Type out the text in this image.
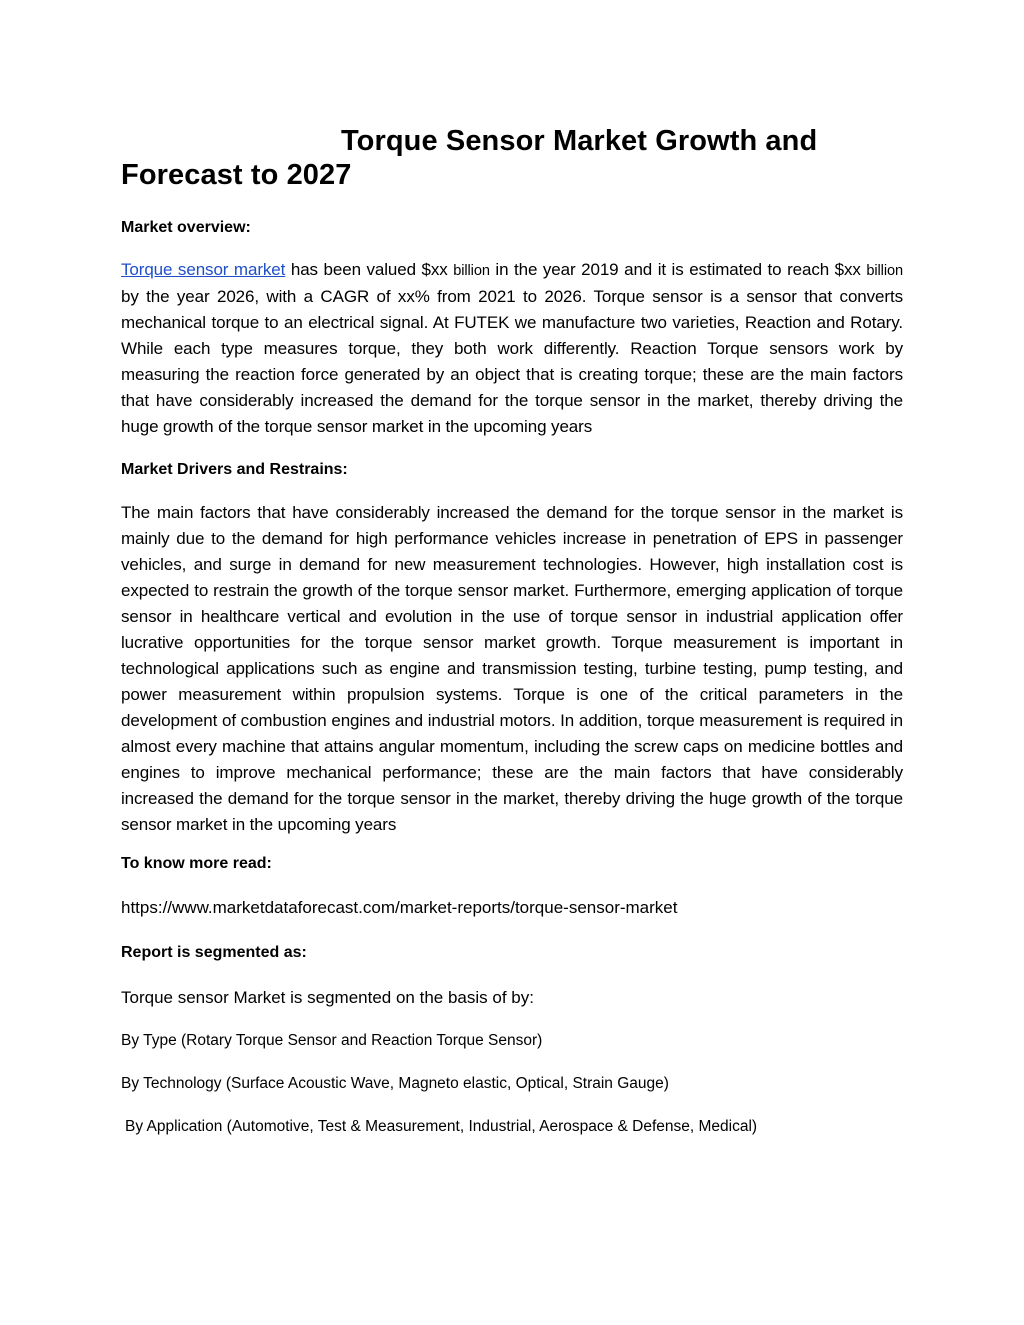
Torque Sensor Market Growth and
Forecast to 2027
Market overview:

Torque sensor market has been valued $xx billion in the year 2019 and it is estimated to reach $xx billion by the year 2026, with a CAGR of xx% from 2021 to 2026. Torque sensor is a sensor that converts mechanical torque to an electrical signal. At FUTEK we manufacture two varieties, Reaction and Rotary. While each type measures torque, they both work differently. Reaction Torque sensors work by measuring the reaction force generated by an object that is creating torque; these are the main factors that have considerably increased the demand for the torque sensor in the market, thereby driving the huge growth of the torque sensor market in the upcoming years

Market Drivers and Restrains:

The main factors that have considerably increased the demand for the torque sensor in the market is mainly due to the demand for high performance vehicles increase in penetration of EPS in passenger vehicles, and surge in demand for new measurement technologies. However, high installation cost is expected to restrain the growth of the torque sensor market. Furthermore, emerging application of torque sensor in healthcare vertical and evolution in the use of torque sensor in industrial application offer lucrative opportunities for the torque sensor market growth. Torque measurement is important in technological applications such as engine and transmission testing, turbine testing, pump testing, and power measurement within propulsion systems. Torque is one of the critical parameters in the development of combustion engines and industrial motors. In addition, torque measurement is required in almost every machine that attains angular momentum, including the screw caps on medicine bottles and engines to improve mechanical performance; these are the main factors that have considerably increased the demand for the torque sensor in the market, thereby driving the huge growth of the torque sensor market in the upcoming years

To know more read:

https://www.marketdataforecast.com/market-reports/torque-sensor-market

Report is segmented as:

Torque sensor Market is segmented on the basis of by:

By Type (Rotary Torque Sensor and Reaction Torque Sensor)

By Technology (Surface Acoustic Wave, Magneto elastic, Optical, Strain Gauge)

By Application (Automotive, Test & Measurement, Industrial, Aerospace & Defense, Medical)
